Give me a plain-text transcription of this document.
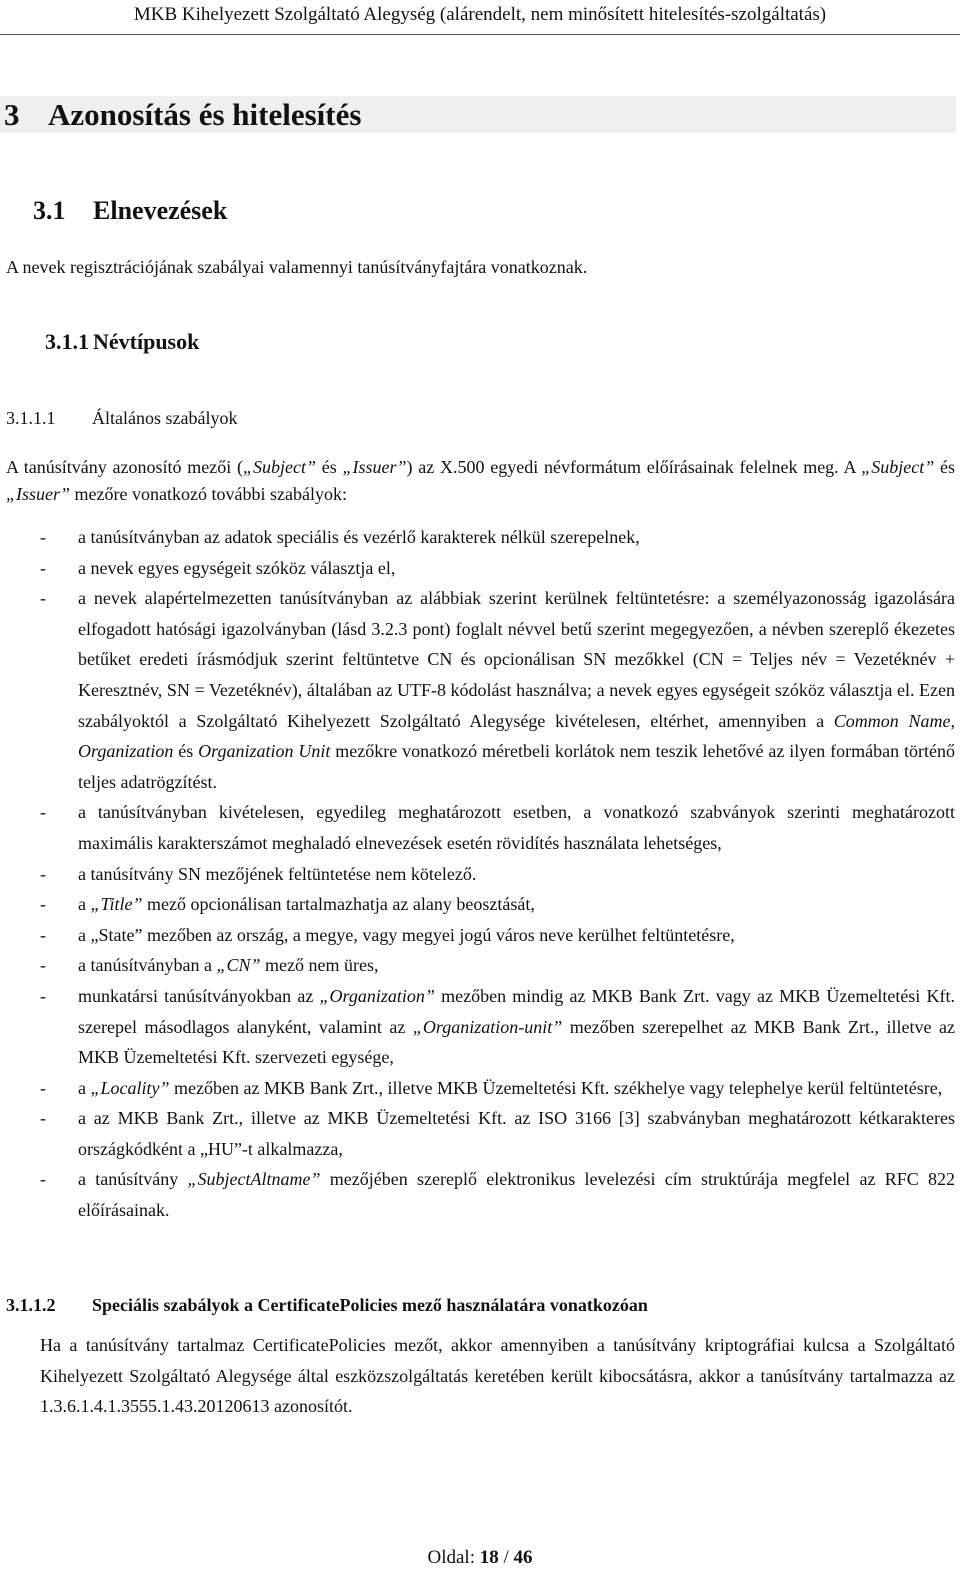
MKB Kihelyezett Szolgáltató Alegység (alárendelt, nem minősített hitelesítés-szolgáltatás)
3 Azonosítás és hitelesítés
3.1 Elnevezések

A nevek regisztrációjának szabályai valamennyi tanúsítványfajtára vonatkoznak.

3.1.1 Névtípusok
3.1.1.1 Általános szabályok

A tanúsítvány azonosító mezői („Subject” és „Issuer”) az X.500 egyedi névformátum előírásainak felelnek meg. A „Subject” és „Issuer” mezőre vonatkozó további szabályok:

- a tanúsítványban az adatok speciális és vezérlő karakterek nélkül szerepelnek,
- a nevek egyes egységeit szóköz választja el,
- a nevek alapértelmezetten tanúsítványban az alábbiak szerint kerülnek feltüntetésre: a személyazonosság igazolására elfogadott hatósági igazolványban (lásd 3.2.3 pont) foglalt névvel betű szerint megegyezően, a névben szereplő ékezetes betűket eredeti írásmódjuk szerint feltüntetve CN és opcionálisan SN mezőkkel (CN = Teljes név = Vezetéknév + Keresztnév, SN = Vezetéknév), általában az UTF-8 kódolást használva; a nevek egyes egységeit szóköz választja el. Ezen szabályoktól a Szolgáltató Kihelyezett Szolgáltató Alegysége kivételesen, eltérhet, amennyiben a Common Name, Organization és Organization Unit mezőkre vonatkozó méretbeli korlátok nem teszik lehetővé az ilyen formában történő teljes adatrögzítést.
- a tanúsítványban kivételesen, egyedileg meghatározott esetben, a vonatkozó szabványok szerinti meghatározott maximális karakterszámot meghaladó elnevezések esetén rövidítés használata lehetséges,
- a tanúsítvány SN mezőjének feltüntetése nem kötelező.
- a „Title” mező opcionálisan tartalmazhatja az alany beosztását,
- a „State” mezőben az ország, a megye, vagy megyei jogú város neve kerülhet feltüntetésre,
- a tanúsítványban a „CN” mező nem üres,
- munkatársi tanúsítványokban az „Organization” mezőben mindig az MKB Bank Zrt. vagy az MKB Üzemeltetési Kft. szerepel másodlagos alanyként, valamint az „Organization-unit” mezőben szerepelhet az MKB Bank Zrt., illetve az MKB Üzemeltetési Kft. szervezeti egysége,
- a „Locality” mezőben az MKB Bank Zrt., illetve MKB Üzemeltetési Kft. székhelye vagy telephelye kerül feltüntetésre,
- a az MKB Bank Zrt., illetve az MKB Üzemeltetési Kft. az ISO 3166 [3] szabványban meghatározott kétkarakteres országkódként a „HU”-t alkalmazza,
- a tanúsítvány „SubjectAltname” mezőjében szereplő elektronikus levelezési cím struktúrája megfelel az RFC 822 előírásainak.
3.1.1.2 Speciális szabályok a CertificatePolicies mező használatára vonatkozóan

Ha a tanúsítvány tartalmaz CertificatePolicies mezőt, akkor amennyiben a tanúsítvány kriptográfiai kulcsa a Szolgáltató Kihelyezett Szolgáltató Alegysége által eszközszolgáltatás keretében került kibocsátásra, akkor a tanúsítvány tartalmazza az 1.3.6.1.4.1.3555.1.43.20120613 azonosítót.

Oldal: 18 / 46
